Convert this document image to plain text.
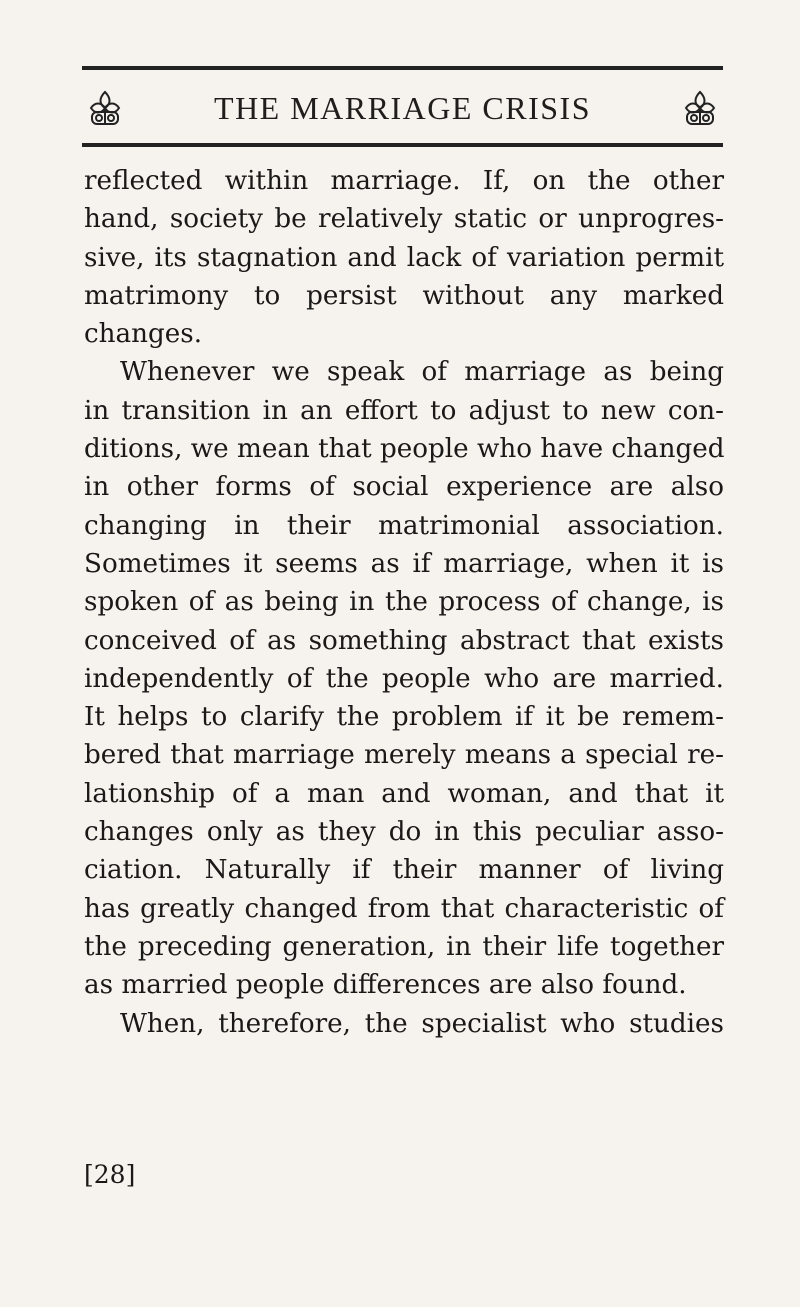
THE MARRIAGE CRISIS
reflected within marriage. If, on the other
hand, society be relatively static or unprogres-
sive, its stagnation and lack of variation permit
matrimony to persist without any marked
changes.
Whenever we speak of marriage as being
in transition in an effort to adjust to new con-
ditions, we mean that people who have changed
in other forms of social experience are also
changing in their matrimonial association.
Sometimes it seems as if marriage, when it is
spoken of as being in the process of change, is
conceived of as something abstract that exists
independently of the people who are married.
It helps to clarify the problem if it be remem-
bered that marriage merely means a special re-
lationship of a man and woman, and that it
changes only as they do in this peculiar asso-
ciation. Naturally if their manner of living
has greatly changed from that characteristic of
the preceding generation, in their life together
as married people differences are also found.
When, therefore, the specialist who studies
[28]
